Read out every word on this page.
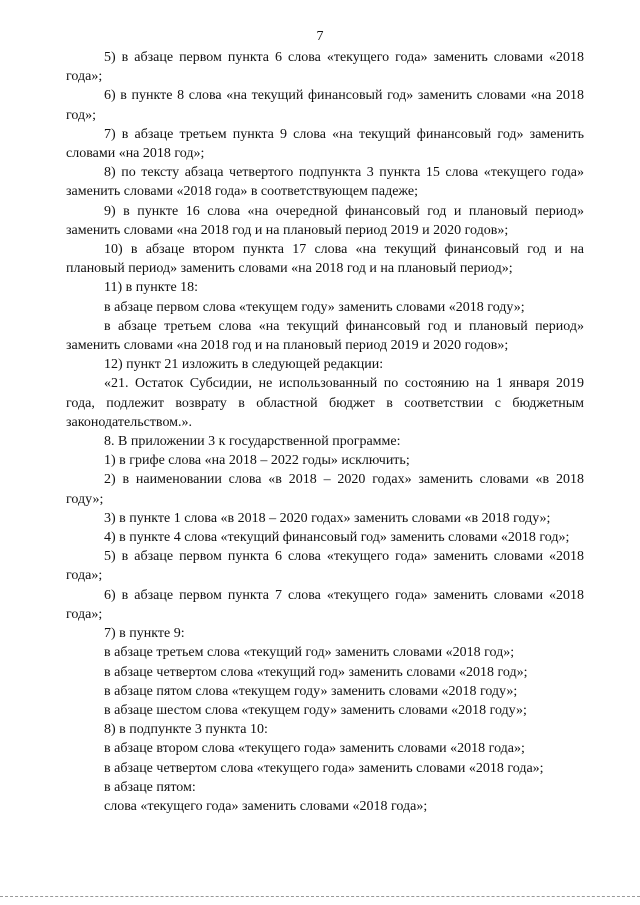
7

5) в абзаце первом пункта 6 слова «текущего года» заменить словами «2018 года»;

6) в пункте 8 слова «на текущий финансовый год» заменить словами «на 2018 год»;

7) в абзаце третьем пункта 9 слова «на текущий финансовый год» заменить словами «на 2018 год»;

8) по тексту абзаца четвертого подпункта 3 пункта 15 слова «текущего года» заменить словами «2018 года» в соответствующем падеже;

9) в пункте 16 слова «на очередной финансовый год и плановый период» заменить словами «на 2018 год и на плановый период 2019 и 2020 годов»;

10) в абзаце втором пункта 17 слова «на текущий финансовый год и на плановый период» заменить словами «на 2018 год и на плановый период»;

11) в пункте 18:

в абзаце первом слова «текущем году» заменить словами «2018 году»;

в абзаце третьем слова «на текущий финансовый год и плановый период» заменить словами «на 2018 год и на плановый период 2019 и 2020 годов»;

12) пункт 21 изложить в следующей редакции:

«21. Остаток Субсидии, не использованный по состоянию на 1 января 2019 года, подлежит возврату в областной бюджет в соответствии с бюджетным законодательством.».

8. В приложении 3 к государственной программе:

1) в грифе слова «на 2018 – 2022 годы» исключить;

2) в наименовании слова «в 2018 – 2020 годах» заменить словами «в 2018 году»;

3) в пункте 1 слова «в 2018 – 2020 годах» заменить словами «в 2018 году»;

4) в пункте 4 слова «текущий финансовый год» заменить словами «2018 год»;

5) в абзаце первом пункта 6 слова «текущего года» заменить словами «2018 года»;

6) в абзаце первом пункта 7 слова «текущего года» заменить словами «2018 года»;

7) в пункте 9:

в абзаце третьем слова «текущий год» заменить словами «2018 год»;

в абзаце четвертом слова «текущий год» заменить словами «2018 год»;

в абзаце пятом слова «текущем году» заменить словами «2018 году»;

в абзаце шестом слова «текущем году» заменить словами «2018 году»;

8) в подпункте 3 пункта 10:

в абзаце втором слова «текущего года» заменить словами «2018 года»;

в абзаце четвертом слова «текущего года» заменить словами «2018 года»;

в абзаце пятом:

слова «текущего года» заменить словами «2018 года»;
